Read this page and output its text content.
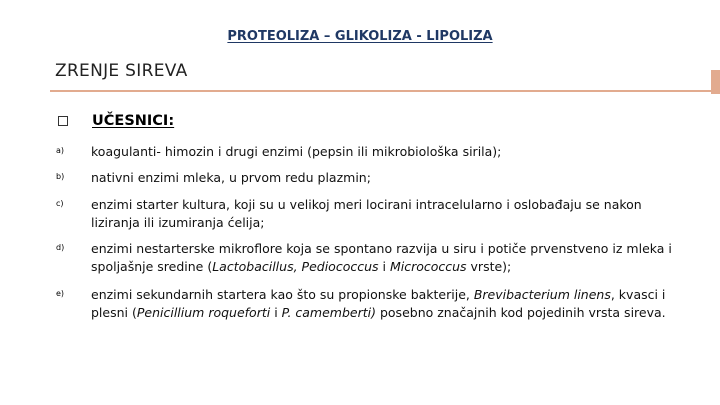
PROTEOLIZA – GLIKOLIZA - LIPOLIZA
ZRENJE SIREVA
UČESNICI:
a) koagulanti- himozin i drugi enzimi (pepsin ili mikrobiološka sirila);
b) nativni enzimi mleka, u prvom redu plazmin;
c) enzimi starter kultura, koji su u velikoj meri locirani intracelularno i oslobađaju se nakon liziranja ili izumiranja ćelija;
d) enzimi nestarterske mikroflore koja se spontano razvija u siru i potiče prvenstveno iz mleka i spoljašnje sredine (Lactobacillus, Pediococcus i Micrococcus vrste);
e) enzimi sekundarnih startera kao što su propionske bakterije, Brevibacterium linens, kvasci i plesni (Penicillium roqueforti i P. camemberti) posebno značajnih kod pojedinih vrsta sireva.
